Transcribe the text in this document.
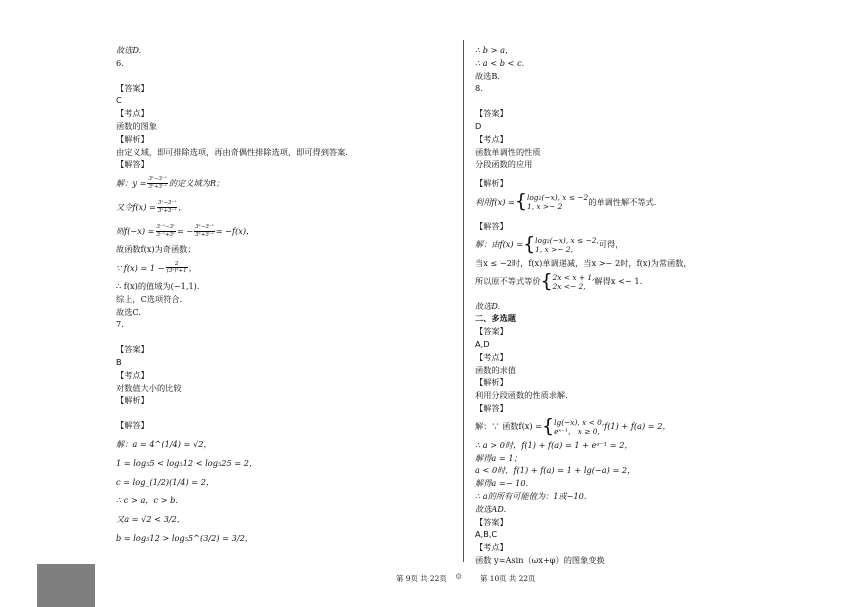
故选D.
6.
【答案】
C
【考点】
函数的图象
【解析】
由定义域，即可排除选项，再由奇偶性排除选项，即可得到答案.
【解答】
解：$y = \frac{\text{3ˣ−3⁻ˣ}}{\text{3ˣ+3⁻ˣ}}$ 的定义域为R；
又令$f(x) = \frac{\text{3ˣ−3⁻ˣ}}{\text{3ˣ+3⁻ˣ}}$ ，
则$f(-x) = \frac{\text{3⁻ˣ−3ˣ}}{\text{3⁻ˣ+3ˣ}}$ = − $\frac{\text{3ˣ−3⁻ˣ}}{\text{3ˣ+3⁻ˣ}} = -f(x)$，
故函数f(x)为奇函数；
∵ $f(x) = 1 - \frac{2}{\text{(3ˣ)²+1}}$ ，
∴ f(x)的值域为(−1,1).
综上，C选项符合.
故选C.
7.
【答案】
B
【考点】
对数值大小的比较
【解析】
【解答】
解：a = 4^(1/4) = √2，
1 = log₅5 < log₅12 < log₅25 = 2，
c = log_(1/2)(1/4) = 2，
∴ c > a，c > b.
又a = √2 < 3/2，
b = log₅12 > log₅5^(3/2) = 3/2，
∴ b > a，
∴ a < b < c.
故选B.
8.
【答案】
D
【考点】
函数单调性的性质
分段函数的应用
【解析】
利用f(x) = { log₂(−x), x ≤ −2
1, x >− 2	的单调性解不等式.
【解答】
解：由f(x) = { log₂(−x), x ≤ −2,
1, x >− 2,	可得，
当x ≤ −2时，f(x)单调递减，当x >− 2时，f(x)为常函数，
所以原不等式等价 { 2x < x + 1,
2x <− 2,	解得x <− 1.
故选D.
二、多选题
【答案】
A,D
【考点】
函数的求值
【解析】
利用分段函数的性质求解.
【解答】
解：∵ 函数f(x) = { lg(−x), x < 0,
eˣ⁻¹， x ≥ 0, f(1) + f(a) = 2，
∴ a > 0时，f(1) + f(a) = 1 + eᵃ⁻¹ = 2，
解得a = 1；
a < 0时，f(1) + f(a) = 1 + lg(−a) = 2，
解得a =− 10.
∴ a的所有可能值为：1或−10.
故选AD.
【答案】
A,B,C
【考点】
函数 y=Asin（ωx+φ）的图象变换
第 9页 共 22页 ⚙ 第 10页 共 22页
